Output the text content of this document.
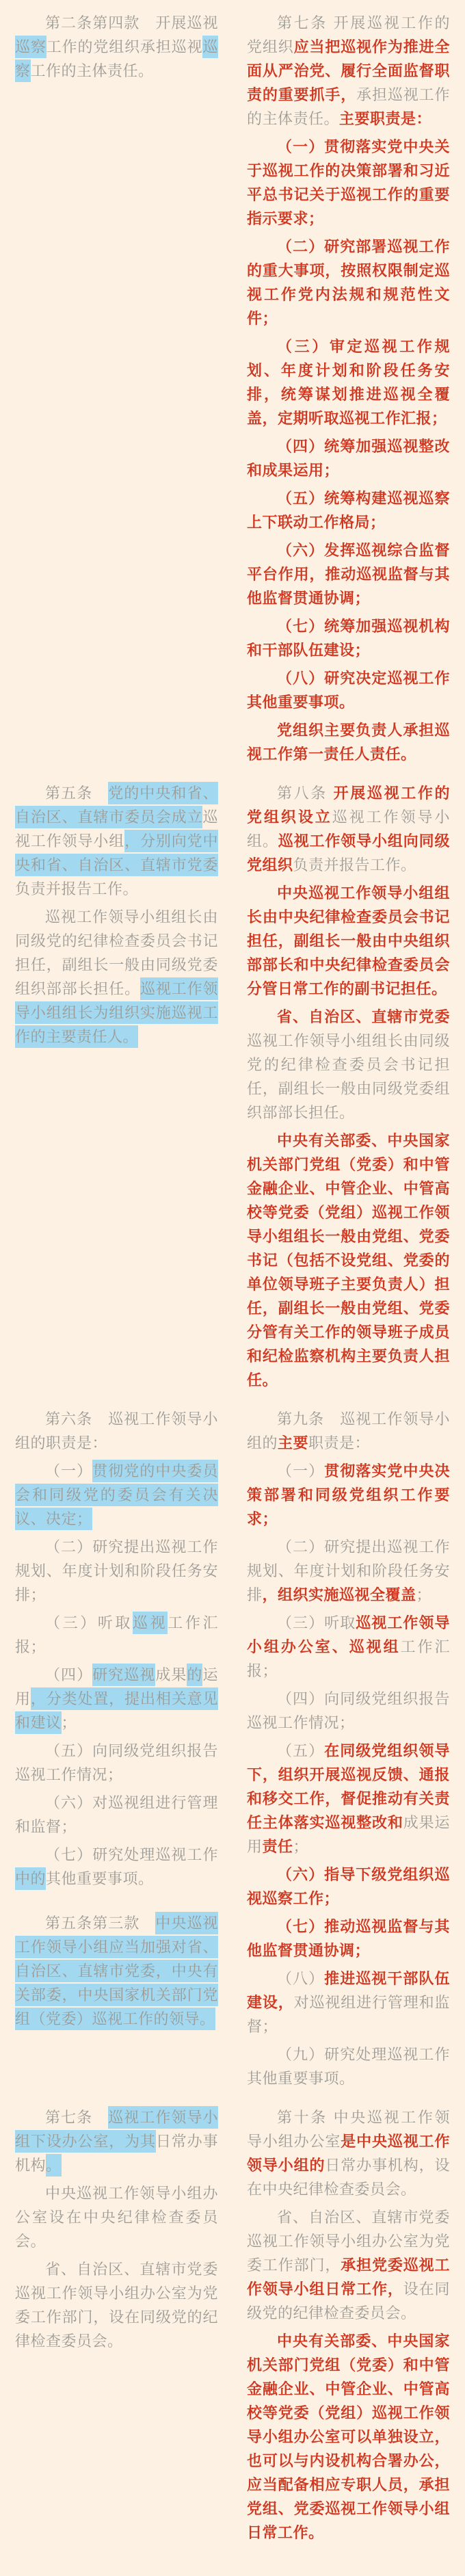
第二条第四款　开展巡视巡察工作的党组织承担巡视巡察工作的主体责任。

第七条 开展巡视工作的党组织应当把巡视作为推进全面从严治党、履行全面监督职责的重要抓手，承担巡视工作的主体责任。主要职责是：

（一）贯彻落实党中央关于巡视工作的决策部署和习近平总书记关于巡视工作的重要指示要求；

（二）研究部署巡视工作的重大事项，按照权限制定巡视工作党内法规和规范性文件；

（三）审定巡视工作规划、年度计划和阶段任务安排，统筹谋划推进巡视全覆盖，定期听取巡视工作汇报；

（四）统筹加强巡视整改和成果运用；

（五）统筹构建巡视巡察上下联动工作格局；

（六）发挥巡视综合监督平台作用，推动巡视监督与其他监督贯通协调；

（七）统筹加强巡视机构和干部队伍建设；

（八）研究决定巡视工作其他重要事项。

党组织主要负责人承担巡视工作第一责任人责任。

第五条　党的中央和省、自治区、直辖市委员会成立巡视工作领导小组，分别向党中央和省、自治区、直辖市党委负责并报告工作。

巡视工作领导小组组长由同级党的纪律检查委员会书记担任，副组长一般由同级党委组织部部长担任。巡视工作领导小组组长为组织实施巡视工作的主要责任人。

第八条 开展巡视工作的党组织设立巡视工作领导小组。巡视工作领导小组向同级党组织负责并报告工作。

中央巡视工作领导小组组长由中央纪律检查委员会书记担任，副组长一般由中央组织部部长和中央纪律检查委员会分管日常工作的副书记担任。

省、自治区、直辖市党委巡视工作领导小组组长由同级党的纪律检查委员会书记担任，副组长一般由同级党委组织部部长担任。

中央有关部委、中央国家机关部门党组（党委）和中管金融企业、中管企业、中管高校等党委（党组）巡视工作领导小组组长一般由党组、党委书记（包括不设党组、党委的单位领导班子主要负责人）担任，副组长一般由党组、党委分管有关工作的领导班子成员和纪检监察机构主要负责人担任。

第六条　巡视工作领导小组的职责是：

（一）贯彻党的中央委员会和同级党的委员会有关决议、决定；

（二）研究提出巡视工作规划、年度计划和阶段任务安排；

（三）听取巡视工作汇报；

（四）研究巡视成果的运用，分类处置，提出相关意见和建议；

（五）向同级党组织报告巡视工作情况；

（六）对巡视组进行管理和监督；

（七）研究处理巡视工作中的其他重要事项。

第五条第三款　中央巡视工作领导小组应当加强对省、自治区、直辖市党委，中央有关部委，中央国家机关部门党组（党委）巡视工作的领导。

第九条　巡视工作领导小组的主要职责是：

（一）贯彻落实党中央决策部署和同级党组织工作要求；

（二）研究提出巡视工作规划、年度计划和阶段任务安排，组织实施巡视全覆盖；

（三）听取巡视工作领导小组办公室、巡视组工作汇报；

（四）向同级党组织报告巡视工作情况；

（五）在同级党组织领导下，组织开展巡视反馈、通报和移交工作，督促推动有关责任主体落实巡视整改和成果运用责任；

（六）指导下级党组织巡视巡察工作；

（七）推动巡视监督与其他监督贯通协调；

（八）推进巡视干部队伍建设，对巡视组进行管理和监督；

（九）研究处理巡视工作其他重要事项。

第七条　巡视工作领导小组下设办公室，为其日常办事机构。

中央巡视工作领导小组办公室设在中央纪律检查委员会。

省、自治区、直辖市党委巡视工作领导小组办公室为党委工作部门，设在同级党的纪律检查委员会。

第十条 中央巡视工作领导小组办公室是中央巡视工作领导小组的日常办事机构，设在中央纪律检查委员会。

省、自治区、直辖市党委巡视工作领导小组办公室为党委工作部门，承担党委巡视工作领导小组日常工作，设在同级党的纪律检查委员会。

中央有关部委、中央国家机关部门党组（党委）和中管金融企业、中管企业、中管高校等党委（党组）巡视工作领导小组办公室可以单独设立，也可以与内设机构合署办公，应当配备相应专职人员，承担党组、党委巡视工作领导小组日常工作。
